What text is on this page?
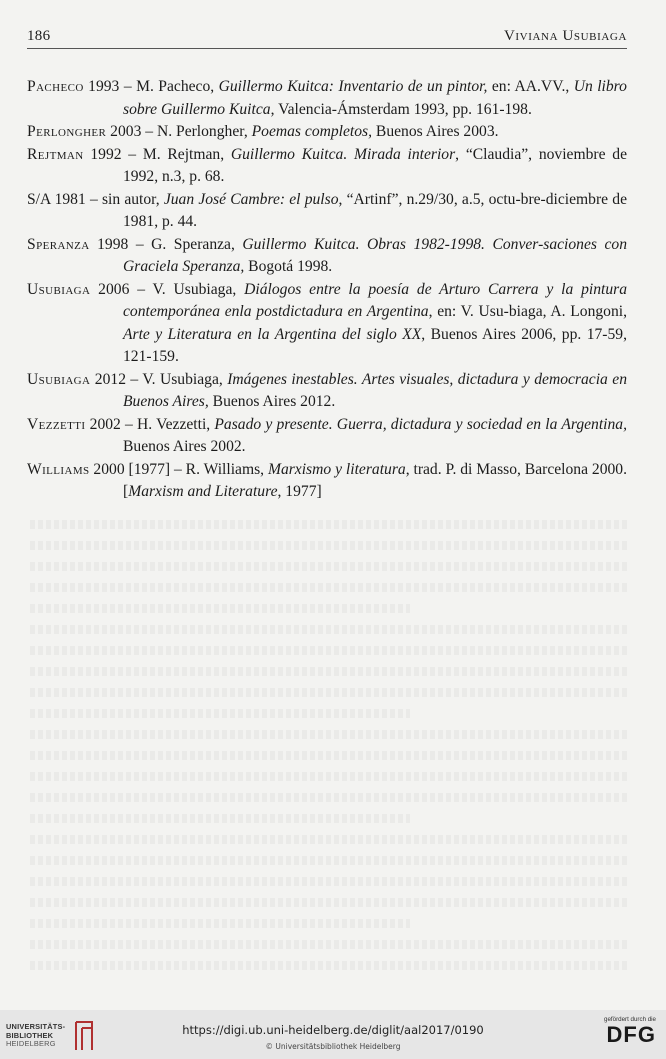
186	Viviana Usubiaga

Pacheco 1993 – M. Pacheco, Guillermo Kuitca: Inventario de un pintor, en: AA.VV., Un libro sobre Guillermo Kuitca, Valencia-Ámsterdam 1993, pp. 161-198.

Perlongher 2003 – N. Perlongher, Poemas completos, Buenos Aires 2003.

Rejtman 1992 – M. Rejtman, Guillermo Kuitca. Mirada interior, “Claudia”, noviembre de 1992, n.3, p. 68.

S/A 1981 – sin autor, Juan José Cambre: el pulso, “Artinf”, n.29/30, a.5, octu-bre-diciembre de 1981, p. 44.

Speranza 1998 – G. Speranza, Guillermo Kuitca. Obras 1982-1998. Conver-saciones con Graciela Speranza, Bogotá 1998.

Usubiaga 2006 – V. Usubiaga, Diálogos entre la poesía de Arturo Carrera y la pintura contemporánea enla postdictadura en Argentina, en: V. Usu-biaga, A. Longoni, Arte y Literatura en la Argentina del siglo XX, Buenos Aires 2006, pp. 17-59, 121-159.

Usubiaga 2012 – V. Usubiaga, Imágenes inestables. Artes visuales, dictadura y democracia en Buenos Aires, Buenos Aires 2012.

Vezzetti 2002 – H. Vezzetti, Pasado y presente. Guerra, dictadura y sociedad en la Argentina, Buenos Aires 2002.

Williams 2000 [1977] – R. Williams, Marxismo y literatura, trad. P. di Masso, Barcelona 2000. [Marxism and Literature, 1977]

UNIVERSITÄTS-
BIBLIOTHEK
HEIDELBERG
https://digi.ub.uni-heidelberg.de/diglit/aal2017/0190
© Universitätsbibliothek Heidelberg
gefördert durch die
DFG
